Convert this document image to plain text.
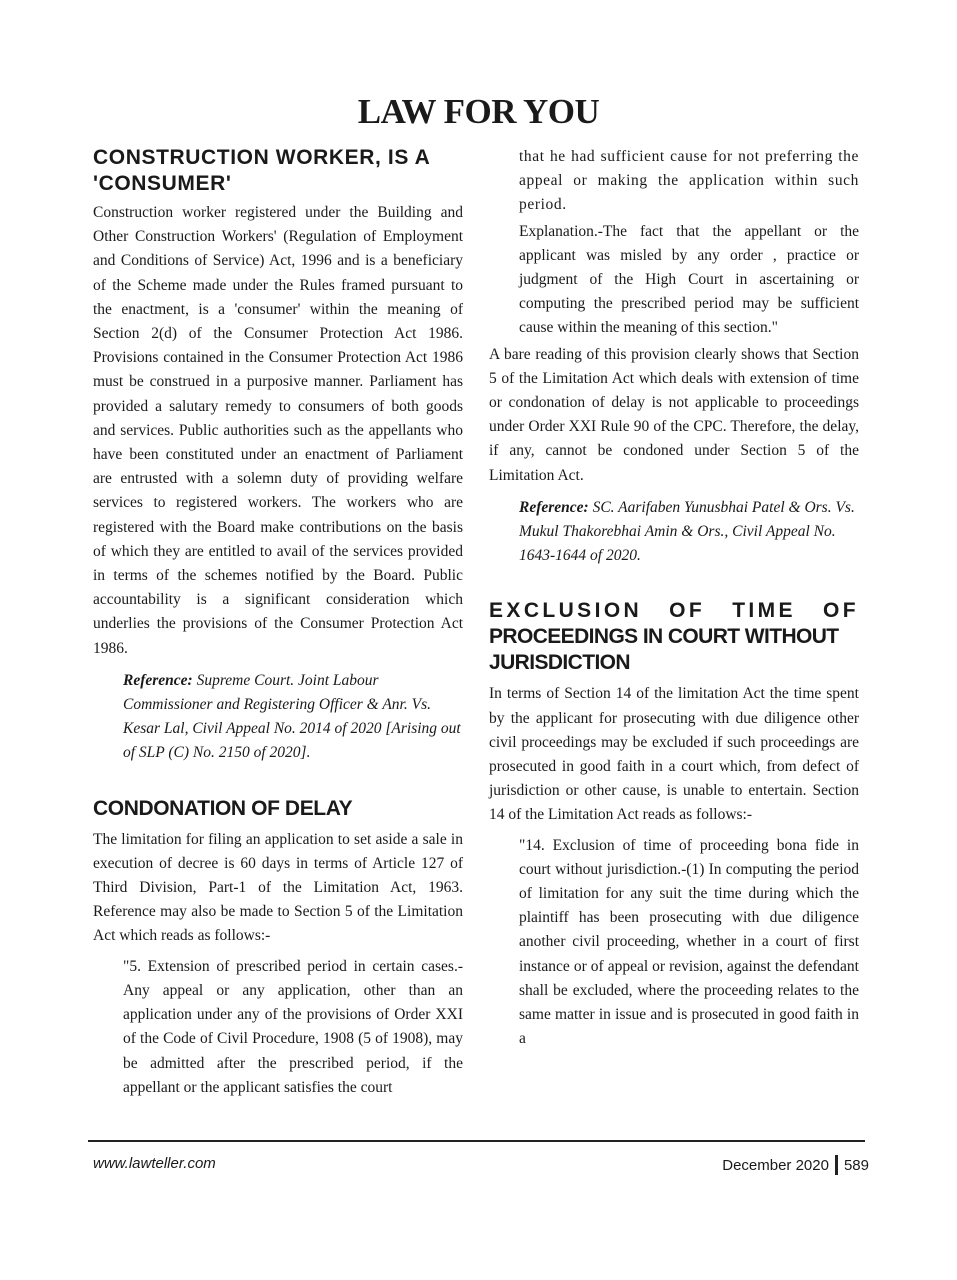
LAW FOR YOU
CONSTRUCTION WORKER, IS A 'CONSUMER'

Construction worker registered under the Building and Other Construction Workers' (Regulation of Employment and Conditions of Service) Act, 1996 and is a beneficiary of the Scheme made under the Rules framed pursuant to the enactment, is a 'consumer' within the meaning of Section 2(d) of the Consumer Protection Act 1986. Provisions contained in the Consumer Protection Act 1986 must be construed in a purposive manner. Parliament has provided a salutary remedy to consumers of both goods and services. Public authorities such as the appellants who have been constituted under an enactment of Parliament are entrusted with a solemn duty of providing welfare services to registered workers. The workers who are registered with the Board make contributions on the basis of which they are entitled to avail of the services provided in terms of the schemes notified by the Board. Public accountability is a significant consideration which underlies the provisions of the Consumer Protection Act 1986.

Reference: Supreme Court. Joint Labour Commissioner and Registering Officer & Anr. Vs. Kesar Lal, Civil Appeal No. 2014 of 2020 [Arising out of SLP (C) No. 2150 of 2020].

CONDONATION OF DELAY

The limitation for filing an application to set aside a sale in execution of decree is 60 days in terms of Article 127 of Third Division, Part-1 of the Limitation Act, 1963. Reference may also be made to Section 5 of the Limitation Act which reads as follows:-

"5. Extension of prescribed period in certain cases.- Any appeal or any application, other than an application under any of the provisions of Order XXI of the Code of Civil Procedure, 1908 (5 of 1908), may be admitted after the prescribed period, if the appellant or the applicant satisfies the court

that he had sufficient cause for not preferring the appeal or making the application within such period.

Explanation.-The fact that the appellant or the applicant was misled by any order , practice or judgment of the High Court in ascertaining or computing the prescribed period may be sufficient cause within the meaning of this section."

A bare reading of this provision clearly shows that Section 5 of the Limitation Act which deals with extension of time or condonation of delay is not applicable to proceedings under Order XXI Rule 90 of the CPC. Therefore, the delay, if any, cannot be condoned under Section 5 of the Limitation Act.

Reference: SC. Aarifaben Yunusbhai Patel & Ors. Vs. Mukul Thakorebhai Amin & Ors., Civil Appeal No. 1643-1644 of 2020.

EXCLUSION OF TIME OF
PROCEEDINGS IN COURT WITHOUT JURISDICTION

In terms of Section 14 of the limitation Act the time spent by the applicant for prosecuting with due diligence other civil proceedings may be excluded if such proceedings are prosecuted in good faith in a court which, from defect of jurisdiction or other cause, is unable to entertain. Section 14 of the Limitation Act reads as follows:-

"14. Exclusion of time of proceeding bona fide in court without jurisdiction.-(1) In computing the period of limitation for any suit the time during which the plaintiff has been prosecuting with due diligence another civil proceeding, whether in a court of first instance or of appeal or revision, against the defendant shall be excluded, where the proceeding relates to the same matter in issue and is prosecuted in good faith in a

www.lawteller.com	December 2020 589
